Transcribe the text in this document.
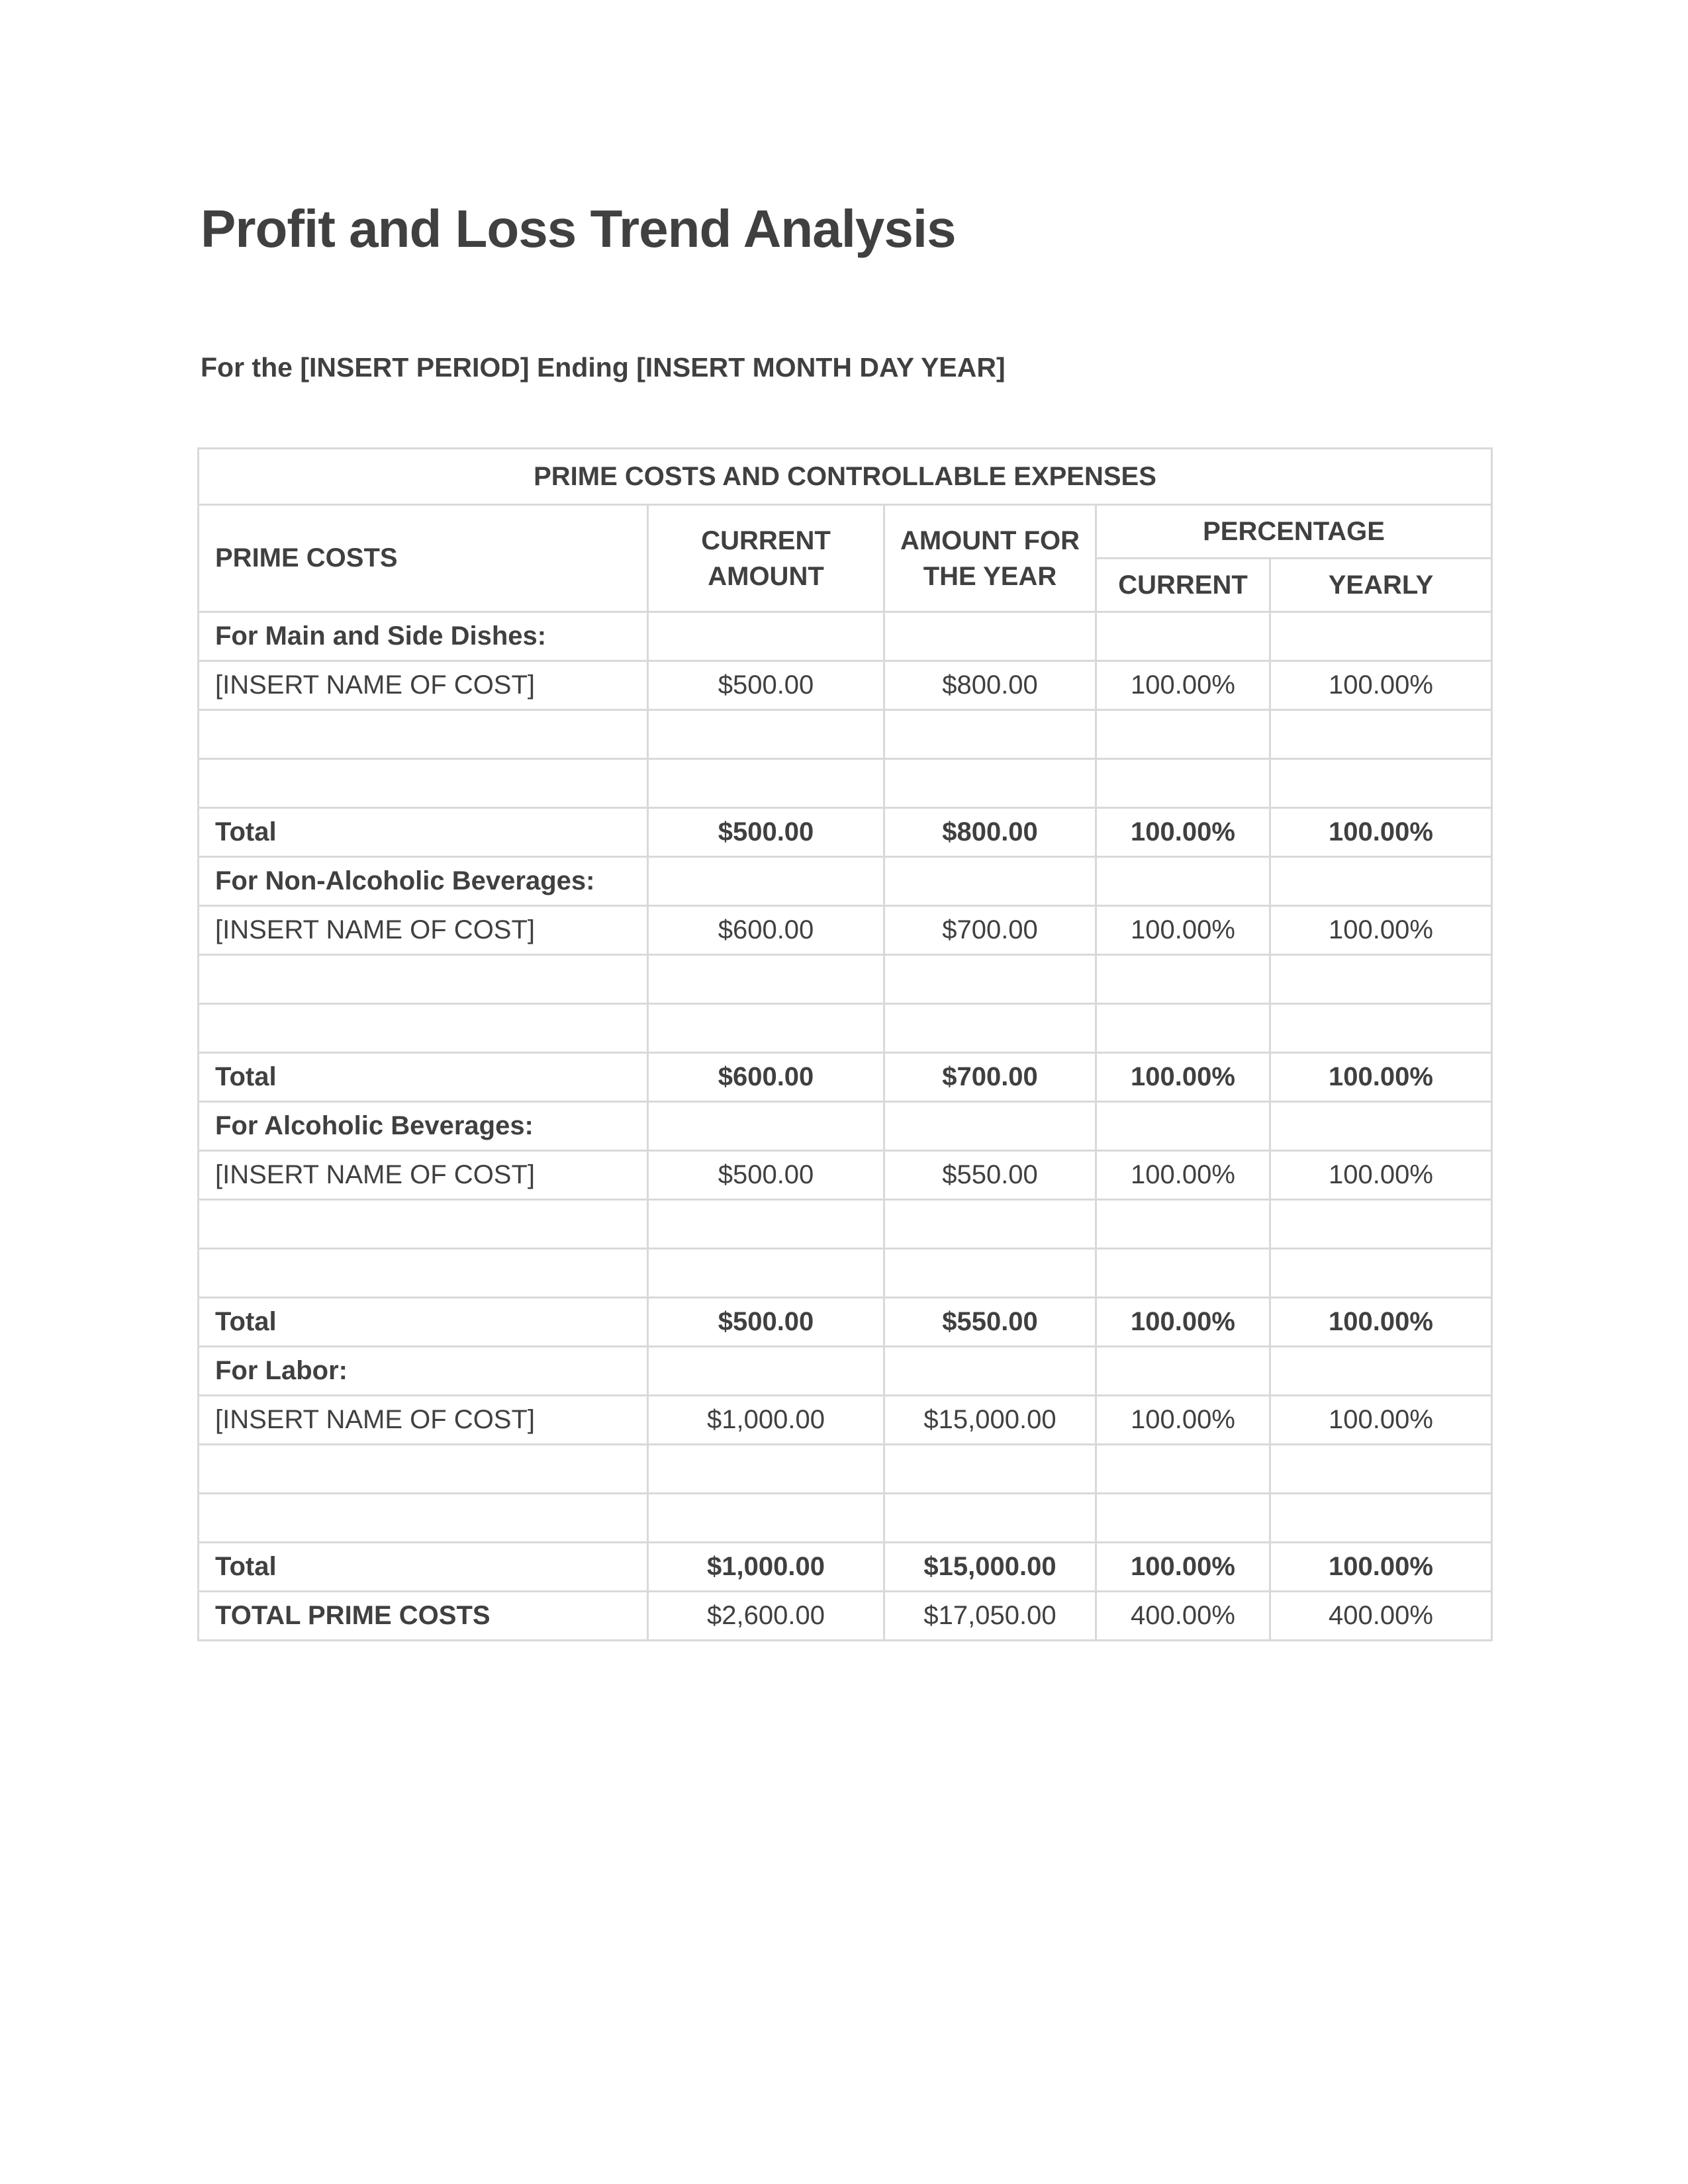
Profit and Loss Trend Analysis
For the [INSERT PERIOD] Ending [INSERT MONTH DAY YEAR]
PRIME COSTS AND CONTROLLABLE EXPENSES				
PRIME COSTS	CURRENT AMOUNT	AMOUNT FOR THE YEAR	PERCENTAGE	
			CURRENT	YEARLY
For Main and Side Dishes:				
[INSERT NAME OF COST]	$500.00	$800.00	100.00%	100.00%

Total	$500.00	$800.00	100.00%	100.00%
For Non-Alcoholic Beverages:				
[INSERT NAME OF COST]	$600.00	$700.00	100.00%	100.00%

Total	$600.00	$700.00	100.00%	100.00%
For Alcoholic Beverages:				
[INSERT NAME OF COST]	$500.00	$550.00	100.00%	100.00%

Total	$500.00	$550.00	100.00%	100.00%
For Labor:				
[INSERT NAME OF COST]	$1,000.00	$15,000.00	100.00%	100.00%

Total	$1,000.00	$15,000.00	100.00%	100.00%
TOTAL PRIME COSTS	$2,600.00	$17,050.00	400.00%	400.00%
